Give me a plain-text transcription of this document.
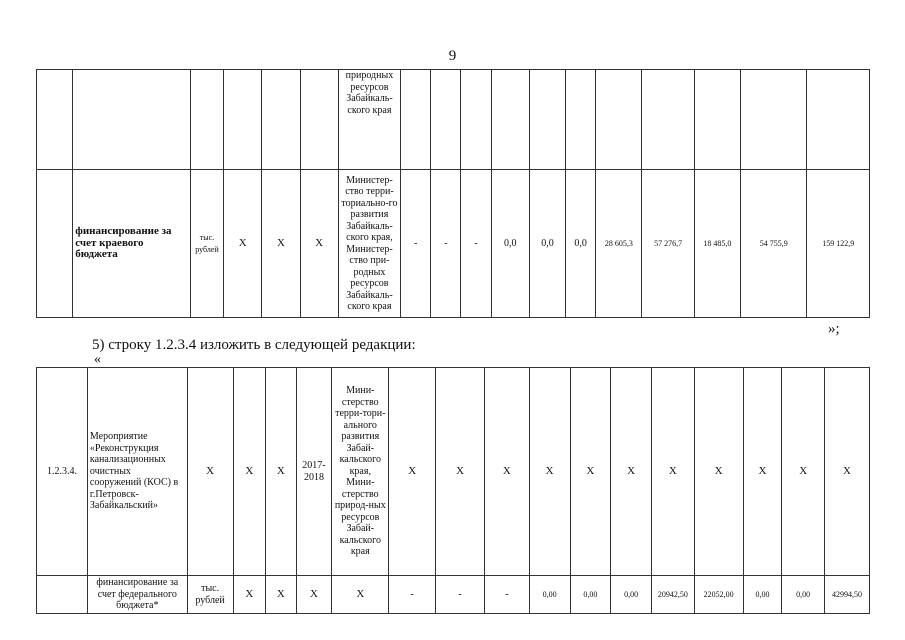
9
						природных ресурсов Забайкаль-ского края											
	финансирование за счет краевого бюджета	тыс. рублей	Х	Х	Х	Министер-ство терри-ториально-го развития Забайкаль-ского края, Министер-ство при-родных ресурсов Забайкаль-ского края	-	-	-	0,0	0,0	0,0	28 605,3	57 276,7	18 485,0	54 755,9	159 122,9
»;
5) строку 1.2.3.4 изложить в следующей редакции:
«
1.2.3.4.	Мероприятие «Реконструкция канализационных очистных сооружений (КОС) в г.Петровск-Забайкальский»	Х	Х	Х	2017-2018	Мини-стерство терри-тори-ального развития Забай-кальского края, Мини-стерство природ-ных ресурсов Забай-кальского края	Х	Х	Х	Х	Х	Х	Х	Х	Х	Х	Х
	финансирование за счет федерального бюджета*	тыс. рублей	Х	Х	Х	Х	-	-	-	0,00	0,00	0,00	20942,50	22052,00	0,00	0,00	42994,50
